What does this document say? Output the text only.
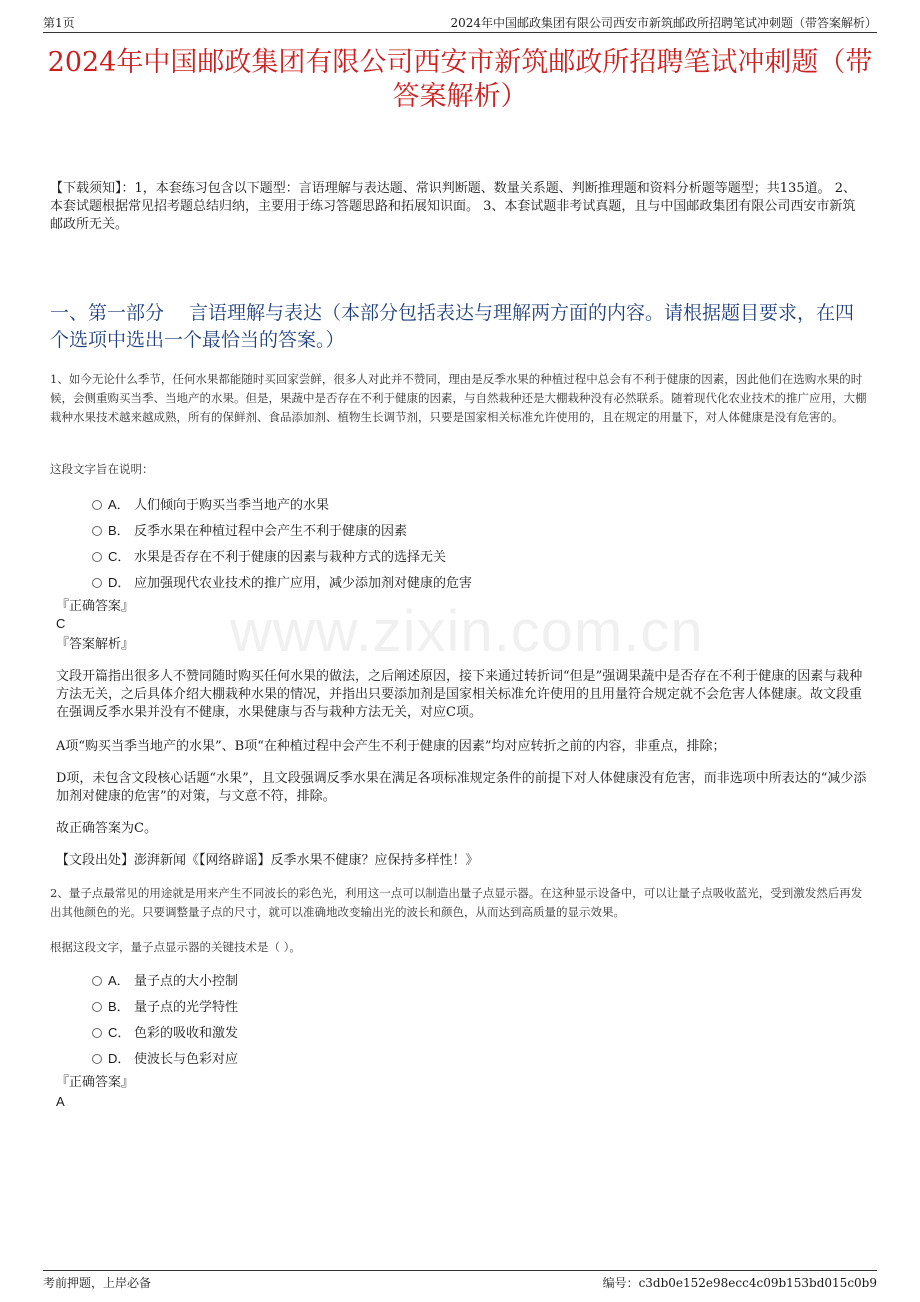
第1页	2024年中国邮政集团有限公司西安市新筑邮政所招聘笔试冲刺题（带答案解析）
2024年中国邮政集团有限公司西安市新筑邮政所招聘笔试冲刺题（带答案解析）
【下载须知】：1，本套练习包含以下题型：言语理解与表达题、常识判断题、数量关系题、判断推理题和资料分析题等题型；共135道。 2、本套试题根据常见招考题总结归纳，主要用于练习答题思路和拓展知识面。 3、本套试题非考试真题，且与中国邮政集团有限公司西安市新筑邮政所无关。
一、第一部分　 言语理解与表达（本部分包括表达与理解两方面的内容。请根据题目要求，在四个选项中选出一个最恰当的答案。）
www.zixin.com.cn
1、如今无论什么季节，任何水果都能随时买回家尝鲜，很多人对此并不赞同，理由是反季水果的种植过程中总会有不利于健康的因素，因此他们在选购水果的时候，会侧重购买当季、当地产的水果。但是，果蔬中是否存在不利于健康的因素，与自然栽种还是大棚栽种没有必然联系。随着现代化农业技术的推广应用，大棚栽种水果技术越来越成熟，所有的保鲜剂、食品添加剂、植物生长调节剂，只要是国家相关标准允许使用的，且在规定的用量下，对人体健康是没有危害的。
这段文字旨在说明：
A． 人们倾向于购买当季当地产的水果
B． 反季水果在种植过程中会产生不利于健康的因素
C． 水果是否存在不利于健康的因素与栽种方式的选择无关
D． 应加强现代农业技术的推广应用，减少添加剂对健康的危害
『正确答案』
C
『答案解析』
文段开篇指出很多人不赞同随时购买任何水果的做法，之后阐述原因，接下来通过转折词“但是”强调果蔬中是否存在不利于健康的因素与栽种方法无关，之后具体介绍大棚栽种水果的情况，并指出只要添加剂是国家相关标准允许使用的且用量符合规定就不会危害人体健康。故文段重在强调反季水果并没有不健康，水果健康与否与栽种方法无关，对应C项。
A项“购买当季当地产的水果”、B项“在种植过程中会产生不利于健康的因素”均对应转折之前的内容，非重点，排除；
D项，未包含文段核心话题“水果”，且文段强调反季水果在满足各项标准规定条件的前提下对人体健康没有危害，而非选项中所表达的“减少添加剂对健康的危害”的对策，与文意不符，排除。
故正确答案为C。
【文段出处】澎湃新闻《【网络辟谣】反季水果不健康？应保持多样性！》
2、量子点最常见的用途就是用来产生不同波长的彩色光，利用这一点可以制造出量子点显示器。在这种显示设备中，可以让量子点吸收蓝光，受到激发然后再发出其他颜色的光。只要调整量子点的尺寸，就可以准确地改变输出光的波长和颜色，从而达到高质量的显示效果。
根据这段文字，量子点显示器的关键技术是（ ）。
A． 量子点的大小控制
B． 量子点的光学特性
C． 色彩的吸收和激发
D． 使波长与色彩对应
『正确答案』
A
考前押题，上岸必备	编号：c3db0e152e98ecc4c09b153bd015c0b9
